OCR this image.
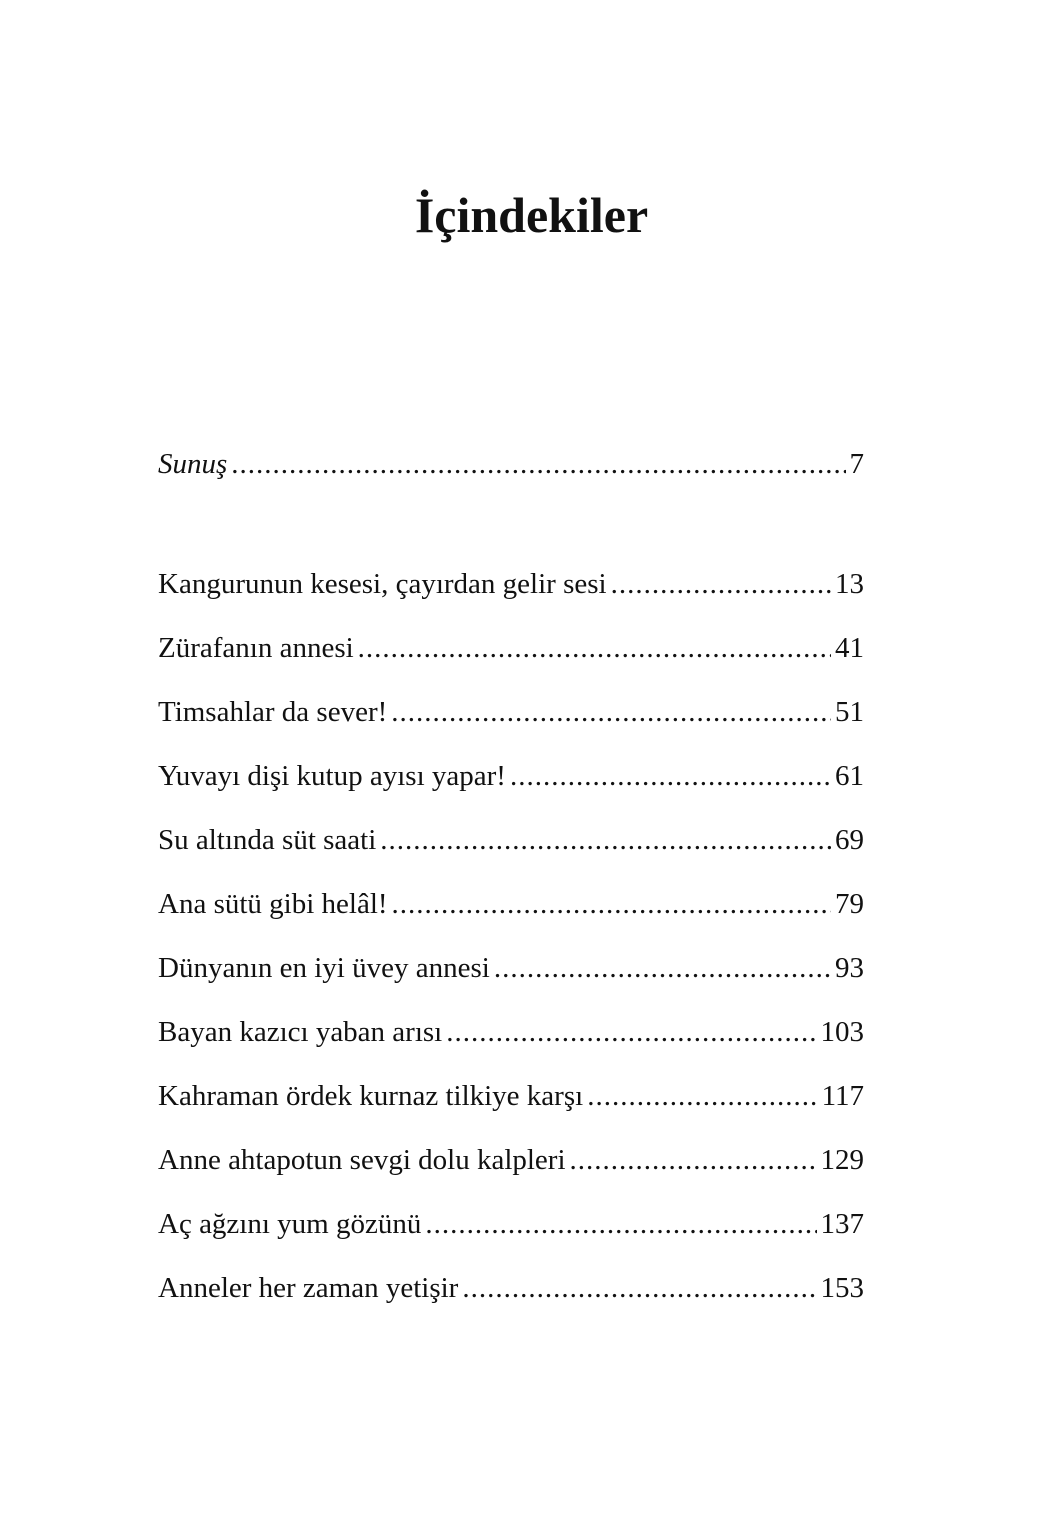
İçindekiler
Sunuş .....	7
Kangurunun kesesi, çayırdan gelir sesi .....	13
Zürafanın annesi .....	41
Timsahlar da sever! .....	51
Yuvayı dişi kutup ayısı yapar! .....	61
Su altında süt saati .....	69
Ana sütü gibi helâl! .....	79
Dünyanın en iyi üvey annesi .....	93
Bayan kazıcı yaban arısı .....	103
Kahraman ördek kurnaz tilkiye karşı .....	117
Anne ahtapotun sevgi dolu kalpleri .....	129
Aç ağzını yum gözünü .....	137
Anneler her zaman yetişir .....	153
